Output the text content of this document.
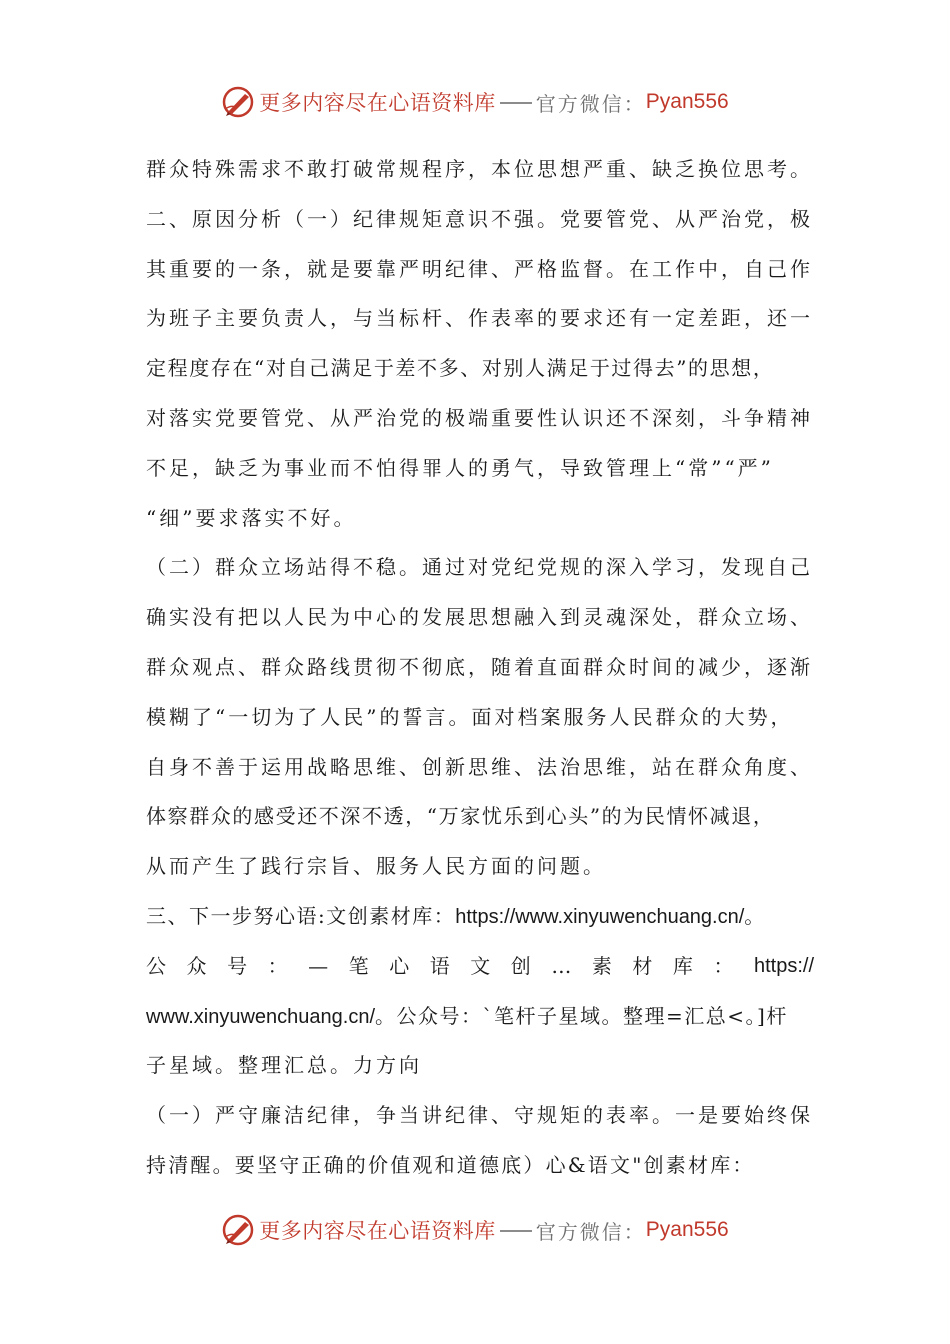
更多内容尽在心语资料库 官方微信： Pyan556
群众特殊需求不敢打破常规程序，本位思想严重、缺乏换位思考。
二、原因分析（一）纪律规矩意识不强。党要管党、从严治党，极
其重要的一条，就是要靠严明纪律、严格监督。在工作中，自己作
为班子主要负责人，与当标杆、作表率的要求还有一定差距，还一
定程度存在“对自己满足于差不多、对别人满足于过得去”的思想，
对落实党要管党、从严治党的极端重要性认识还不深刻，斗争精神
不足，缺乏为事业而不怕得罪人的勇气，导致管理上“常”“严”
“细”要求落实不好。
（二）群众立场站得不稳。通过对党纪党规的深入学习，发现自己
确实没有把以人民为中心的发展思想融入到灵魂深处，群众立场、
群众观点、群众路线贯彻不彻底，随着直面群众时间的减少，逐渐
模糊了“一切为了人民”的誓言。面对档案服务人民群众的大势，
自身不善于运用战略思维、创新思维、法治思维，站在群众角度、
体察群众的感受还不深不透，“万家忧乐到心头”的为民情怀减退，
从而产生了践行宗旨、服务人民方面的问题。
三、下一步努心语:文创素材库：https://www.xinyuwenchuang.cn/。
公 众 号 ： — 笔 心 语 文 创 … 素 材 库 ： https://
www.xinyuwenchuang.cn/。公众号：`笔杆子星域。整理=汇总<。]杆
子星域。整理汇总。力方向
（一）严守廉洁纪律，争当讲纪律、守规矩的表率。一是要始终保
持清醒。要坚守正确的价值观和道德底）心&语文"创素材库：
更多内容尽在心语资料库 官方微信： Pyan556
